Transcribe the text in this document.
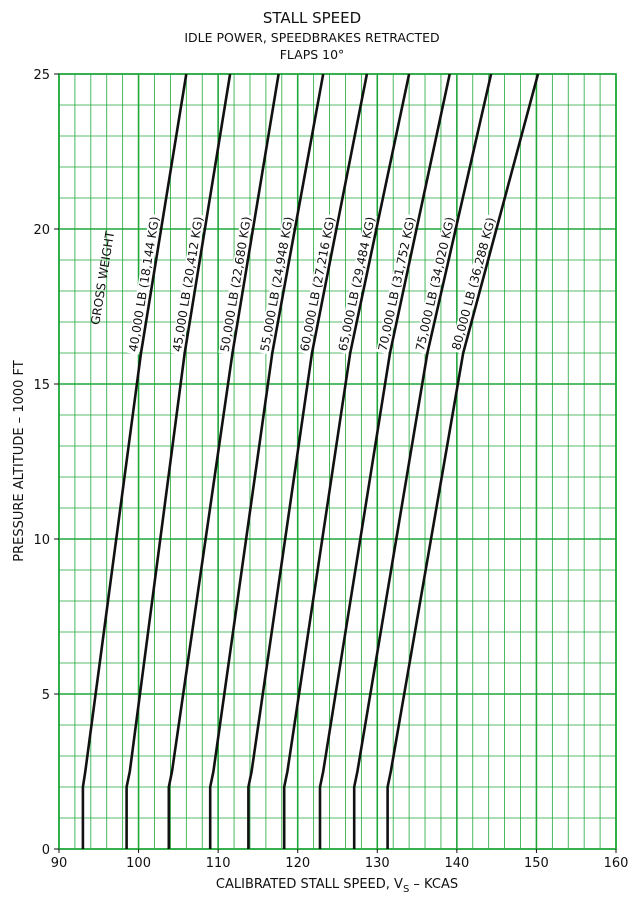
STALL SPEED
IDLE POWER, SPEEDBRAKES RETRACTED
FLAPS 10°
40,000 LB (18,144 KG) 45,000 LB (20,412 KG) 50,000 LB (22,680 KG) 55,000 LB (24,948 KG) 60,000 LB (27,216 KG)
65,000 LB (29,484 KG)
70,000 LB (31,752 KG)
75,000 LB (34,020 KG)
80,000 LB (36,288 KG)
GROSS WEIGHT
90	100	110	120	130	140	150	160
0
5
10
15
20
25
CALIBRATED STALL SPEED, $V_S$ – KCAS
PRESSURE ALTITUDE – 1000 FT
